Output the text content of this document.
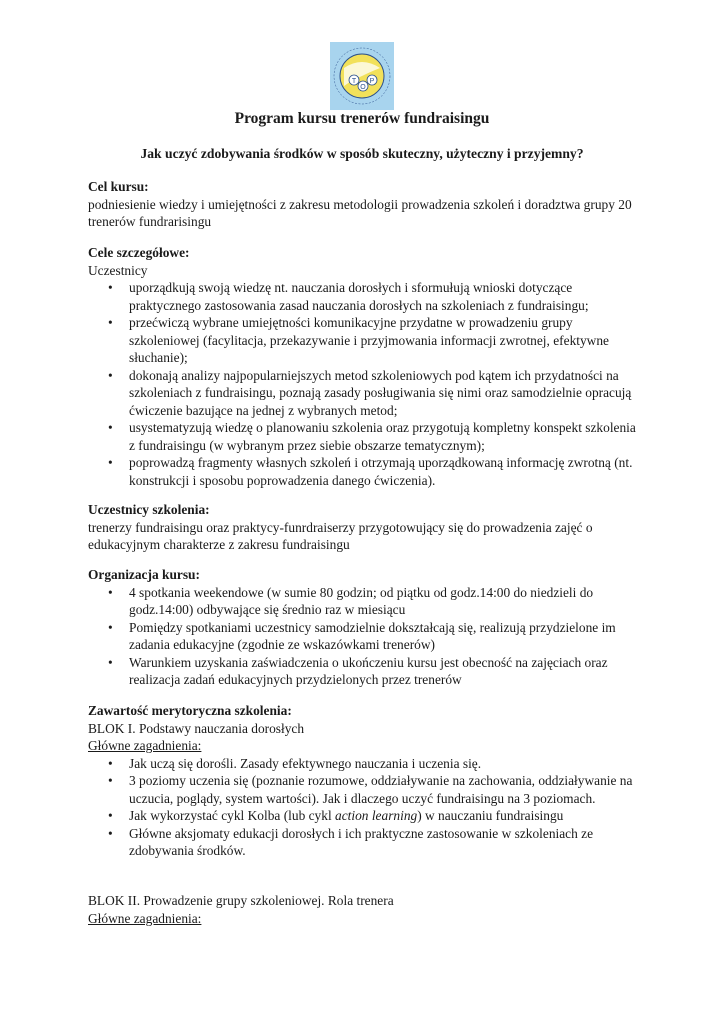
T
O
P
Program kursu trenerów fundraisingu
Jak uczyć zdobywania środków w sposób skuteczny, użyteczny i przyjemny?

Cel kursu:

podniesienie wiedzy i umiejętności z zakresu metodologii prowadzenia szkoleń i doradztwa grupy 20 trenerów fundrarisingu

Cele szczegółowe:

Uczestnicy

• uporządkują swoją wiedzę nt. nauczania dorosłych i sformułują wnioski dotyczące praktycznego zastosowania zasad nauczania dorosłych na szkoleniach z fundraisingu;
• przećwiczą wybrane umiejętności komunikacyjne przydatne w prowadzeniu grupy szkoleniowej (facylitacja, przekazywanie i przyjmowania informacji zwrotnej, efektywne słuchanie);
• dokonają analizy najpopularniejszych metod szkoleniowych pod kątem ich przydatności na szkoleniach z fundraisingu, poznają zasady posługiwania się nimi oraz samodzielnie opracują ćwiczenie bazujące na jednej z wybranych metod;
• usystematyzują wiedzę o planowaniu szkolenia oraz przygotują kompletny konspekt szkolenia z fundraisingu (w wybranym przez siebie obszarze tematycznym);
• poprowadzą fragmenty własnych szkoleń i otrzymają uporządkowaną informację zwrotną (nt. konstrukcji i sposobu poprowadzenia danego ćwiczenia).

Uczestnicy szkolenia:

trenerzy fundraisingu oraz praktycy-funrdraiserzy przygotowujący się do prowadzenia zajęć o edukacyjnym charakterze z zakresu fundraisingu

Organizacja kursu:

• 4 spotkania weekendowe (w sumie 80 godzin; od piątku od godz.14:00 do niedzieli do godz.14:00) odbywające się średnio raz w miesiącu
• Pomiędzy spotkaniami uczestnicy samodzielnie dokształcają się, realizują przydzielone im zadania edukacyjne (zgodnie ze wskazówkami trenerów)
• Warunkiem uzyskania zaświadczenia o ukończeniu kursu jest obecność na zajęciach oraz realizacja zadań edukacyjnych przydzielonych przez trenerów

Zawartość merytoryczna szkolenia:

BLOK I. Podstawy nauczania dorosłych

Główne zagadnienia:

• Jak uczą się dorośli. Zasady efektywnego nauczania i uczenia się.
• 3 poziomy uczenia się (poznanie rozumowe, oddziaływanie na zachowania, oddziaływanie na uczucia, poglądy, system wartości). Jak i dlaczego uczyć fundraisingu na 3 poziomach.
• Jak wykorzystać cykl Kolba (lub cykl action learning) w nauczaniu fundraisingu
• Główne aksjomaty edukacji dorosłych i ich praktyczne zastosowanie w szkoleniach ze zdobywania środków.

BLOK II. Prowadzenie grupy szkoleniowej. Rola trenera

Główne zagadnienia:
